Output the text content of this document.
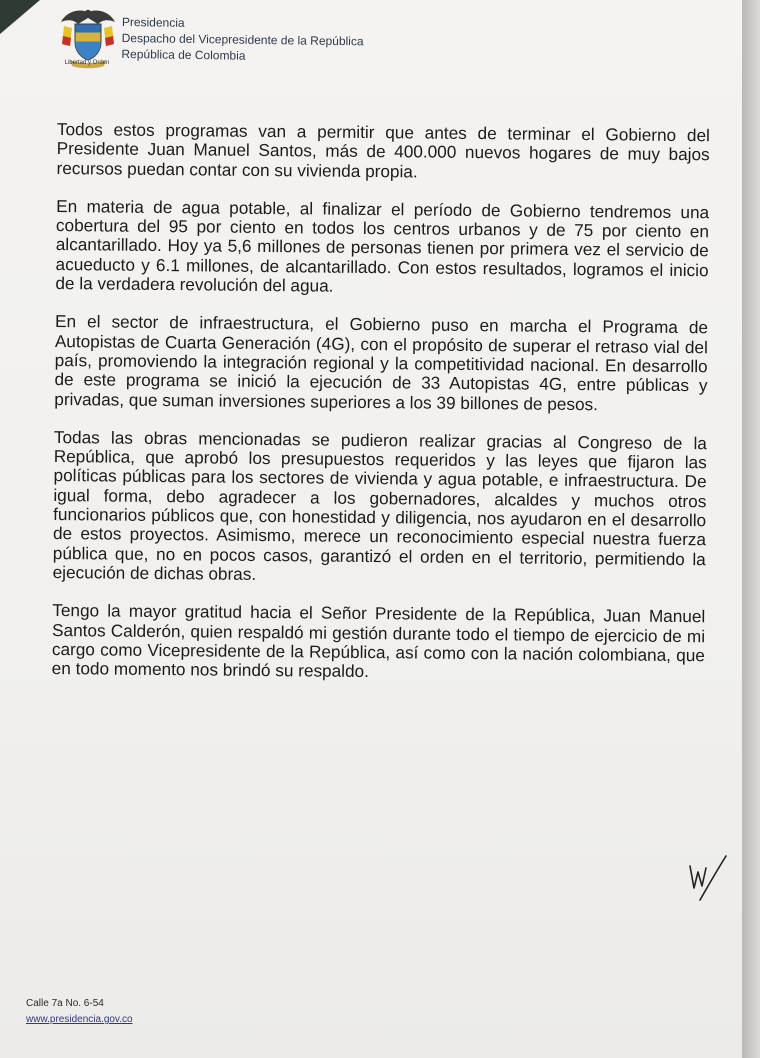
Libertad y Orden
Presidencia
Despacho del Vicepresidente de la República
República de Colombia

Todos estos programas van a permitir que antes de terminar el Gobierno del Presidente Juan Manuel Santos, más de 400.000 nuevos hogares de muy bajos recursos puedan contar con su vivienda propia.

En materia de agua potable, al finalizar el período de Gobierno tendremos una cobertura del 95 por ciento en todos los centros urbanos y de 75 por ciento en alcantarillado. Hoy ya 5,6 millones de personas tienen por primera vez el servicio de acueducto y 6.1 millones, de alcantarillado. Con estos resultados, logramos el inicio de la verdadera revolución del agua.

En el sector de infraestructura, el Gobierno puso en marcha el Programa de Autopistas de Cuarta Generación (4G), con el propósito de superar el retraso vial del país, promoviendo la integración regional y la competitividad nacional. En desarrollo de este programa se inició la ejecución de 33 Autopistas 4G, entre públicas y privadas, que suman inversiones superiores a los 39 billones de pesos.

Todas las obras mencionadas se pudieron realizar gracias al Congreso de la República, que aprobó los presupuestos requeridos y las leyes que fijaron las políticas públicas para los sectores de vivienda y agua potable, e infraestructura. De igual forma, debo agradecer a los gobernadores, alcaldes y muchos otros funcionarios públicos que, con honestidad y diligencia, nos ayudaron en el desarrollo de estos proyectos. Asimismo, merece un reconocimiento especial nuestra fuerza pública que, no en pocos casos, garantizó el orden en el territorio, permitiendo la ejecución de dichas obras.

Tengo la mayor gratitud hacia el Señor Presidente de la República, Juan Manuel Santos Calderón, quien respaldó mi gestión durante todo el tiempo de ejercicio de mi cargo como Vicepresidente de la República, así como con la nación colombiana, que en todo momento nos brindó su respaldo.

Calle 7a No. 6-54
www.presidencia.gov.co
